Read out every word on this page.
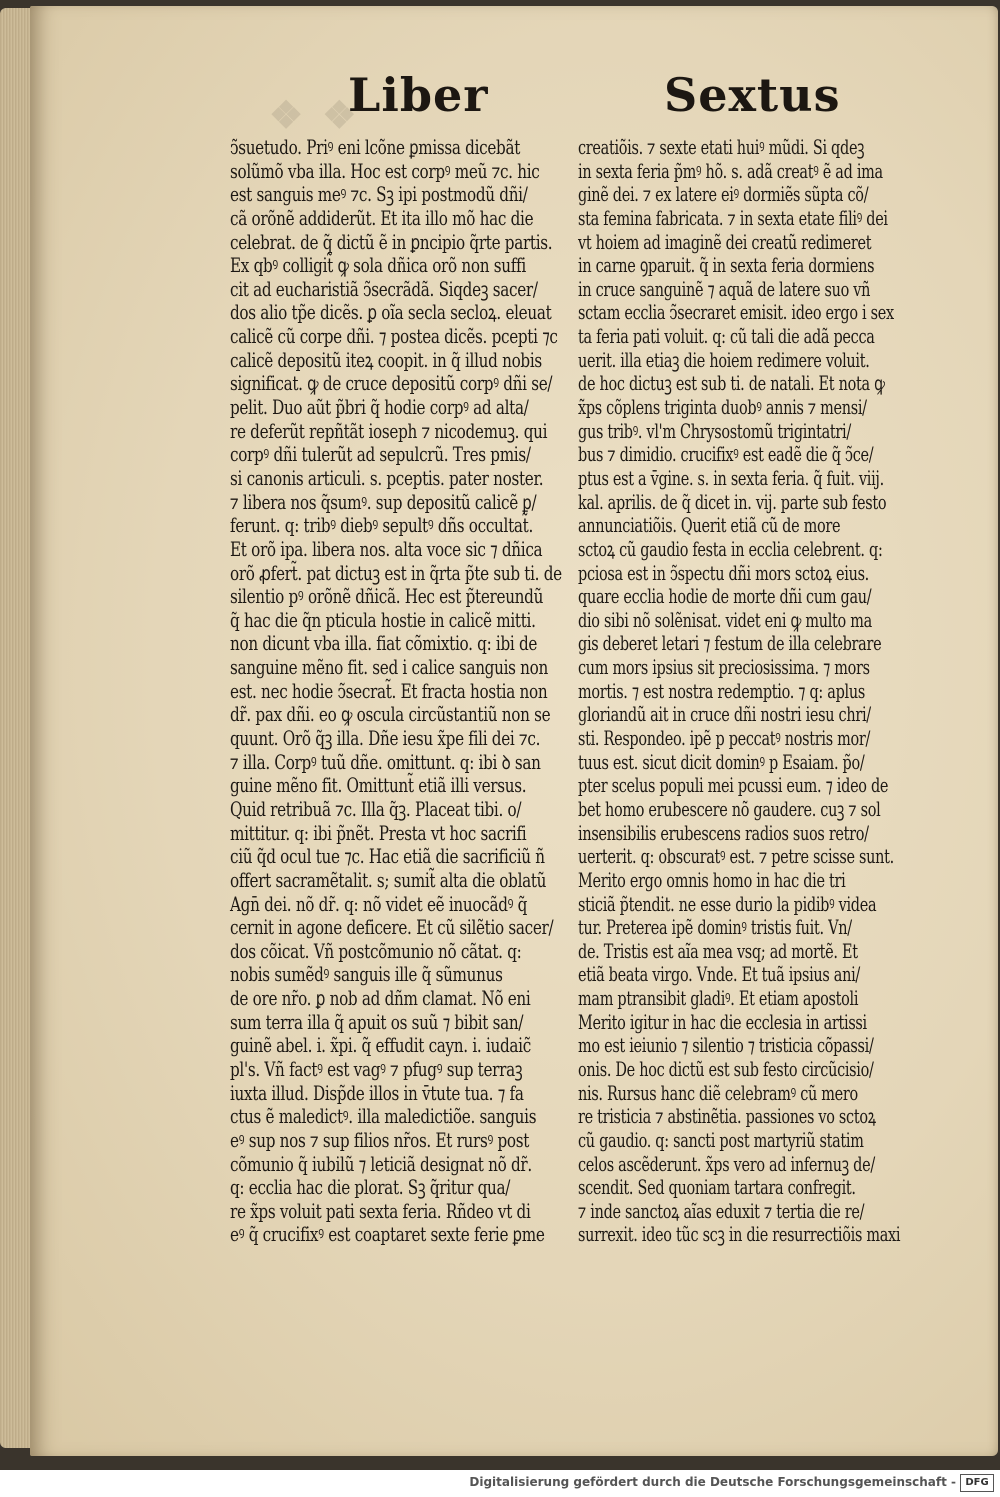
❖ ❖
Liber	Sextus
ↄ̃suetudo. Priꝰ eni lcõne ꝑmissa dicebãt
solũmõ vba illa. Hoc est corpꝰ meũ ⁊c. hic
est sanguis meꝰ ⁊c. Sꝫ ipi postmodũ dñi/
cã orõnẽ addiderũt. Et ita illo mõ hac die
celebrat. de q̃ dictũ ẽ in ꝑncipio q̃rte partis.
Ex qbꝰ colligit̃ ꝙ sola dñica orõ non suffi
cit ad eucharistiã ↄ̃secrãdã. Siqdeꝫ sacer/
dos alio tp̃e dicẽs. ꝑ oĩa secla secloꝝ. eleuat
calicẽ cũ corpe dñi. ⁊ postea dicẽs. pcepti ⁊c
calicẽ depositũ iteꝝ coopit. in q̃ illud nobis
significat. ꝙ de cruce depositũ corpꝰ dñi se/
pelit. Duo aũt p̃bri q̃ hodie corpꝰ ad alta/
re deferũt repñtãt ioseph ⁊ nicodemuꝫ. qui
corpꝰ dñi tulerũt ad sepulcrũ. Tres pmis/
si canonis articuli. s. pceptis. pater noster.
⁊ libera nos q̃sumꝰ. sup depositũ calicẽ ꝑ/
ferunt. q: tribꝰ diebꝰ sepultꝰ dñs occultat̃.
Et orõ ipa. libera nos. alta voce sic ⁊ dñica
orõ ꝓfert̃. pat dictuꝫ est in q̃rta p̃te sub ti. de
silentio pꝰ orõnẽ dñicã. Hec est p̃tereundũ
q̃ hac die q̃n pticula hostie in calicẽ mitti.
non dicunt vba illa. fiat cõmixtio. q: ibi de
sanguine mẽno fit. sed i calice sanguis non
est. nec hodie ↄ̃secrat̃. Et fracta hostia non
dr̃. pax dñi. eo ꝙ oscula circũstantiũ non se
quunt. Orõ q̃ꝫ illa. Dñe iesu x̃pe fili dei ⁊c.
⁊ illa. Corpꝰ tuũ dñe. omittunt. q: ibi ꝺ san
guine mẽno fit. Omittunt̃ etiã illi versus.
Quid retribuã ⁊c. Illa q̃ꝫ. Placeat tibi. o/
mittitur. q: ibi p̃nẽt. Presta vt hoc sacrifi
ciũ q̃d ocul tue ⁊c. Hac etiã die sacrificiũ ñ
offert sacramẽtalit. s; sumit̃ alta die oblatũ
Agn̄ dei. nõ dr̃. q: nõ videt eẽ inuocãdꝰ q̃
cernit in agone deficere. Et cũ silẽtio sacer/
dos cõicat. Vñ postcõmunio nõ cãtat. q:
nobis sumẽdꝰ sanguis ille q̃ sũmunus
de ore nr̃o. ꝑ nob ad dñm clamat. Nõ eni
sum terra illa q̃ apuit os suũ ⁊ bibit san/
guinẽ abel. i. x̃pi. q̃ effudit cayn. i. iudaic̃
pl's. Vñ factꝰ est vagꝰ ⁊ pfugꝰ sup terraꝫ
iuxta illud. Disp̃de illos in v̄tute tua. ⁊ fa
ctus ẽ maledictꝰ. illa maledictiõe. sanguis
eꝰ sup nos ⁊ sup filios nr̃os. Et rursꝰ post
cõmunio q̃ iubilũ ⁊ leticiã designat nõ dr̃.
q: ecclia hac die plorat. Sꝫ q̃ritur qua/
re x̃ps voluit pati sexta feria. Rñdeo vt di
eꝰ q̃ crucifixꝰ est coaptaret sexte ferie ꝑme
creatiõis. ⁊ sexte etati huiꝰ mũdi. Si qdeꝫ
in sexta feria p̃mꝰ hõ. s. adã creatꝰ ẽ ad ima
ginẽ dei. ⁊ ex latere eiꝰ dormiẽs sũpta cõ/
sta femina fabricata. ⁊ in sexta etate filiꝰ dei
vt hoiem ad imaginẽ dei creatũ redimeret
in carne ꝯparuit. q̃ in sexta feria dormiens
in cruce sanguinẽ ⁊ aquã de latere suo vñ
sctam ecclia ↄ̃secraret emisit. ideo ergo i sex
ta feria pati voluit. q: cũ tali die adã pecca
uerit. illa etiaꝫ die hoiem redimere voluit.
de hoc dictuꝫ est sub ti. de natali. Et nota ꝙ
x̃ps cõplens triginta duobꝰ annis ⁊ mensi/
gus tribꝰ. vl'm Chrysostomũ trigintatri/
bus ⁊ dimidio. crucifixꝰ est eadẽ die q̃ ↄ̃ce/
ptus est a v̄gine. s. in sexta feria. q̃ fuit. viij.
kal. aprilis. de q̃ dicet in. vij. parte sub festo
annunciatiõis. Querit etiã cũ de more
sctoꝝ cũ gaudio festa in ecclia celebrent. q:
pciosa est in ↄ̃spectu dñi mors sctoꝝ eius.
quare ecclia hodie de morte dñi cum gau/
dio sibi nõ solẽnisat. videt eni ꝙ multo ma
gis deberet letari ⁊ festum de illa celebrare
cum mors ipsius sit preciosissima. ⁊ mors
mortis. ⁊ est nostra redemptio. ⁊ q: aplus
gloriandũ ait in cruce dñi nostri iesu chri/
sti. Respondeo. ipẽ p peccatꝰ nostris mor/
tuus est. sicut dicit dominꝰ p Esaiam. p̃o/
pter scelus populi mei pcussi eum. ⁊ ideo de
bet homo erubescere nõ gaudere. cuꝫ ⁊ sol
insensibilis erubescens radios suos retro/
uerterit. q: obscuratꝰ est. ⁊ petre scisse sunt.
Merito ergo omnis homo in hac die tri
sticiã p̃tendit. ne esse durio la pidibꝰ videa
tur. Preterea ipẽ dominꝰ tristis fuit. Vn/
de. Tristis est aĩa mea vsq; ad mortẽ. Et
etiã beata virgo. Vnde. Et tuã ipsius ani/
mam ptransibit gladiꝰ. Et etiam apostoli
Merito igitur in hac die ecclesia in artissi
mo est ieiunio ⁊ silentio ⁊ tristicia cõpassi/
onis. De hoc dictũ est sub festo circũcisio/
nis. Rursus hanc diẽ celebramꝰ cũ mero
re tristicia ⁊ abstinẽtia. passiones vo sctoꝝ
cũ gaudio. q: sancti post martyriũ statim
celos ascẽderunt. x̃ps vero ad infernuꝫ de/
scendit. Sed quoniam tartara confregit.
⁊ inde sanctoꝝ aĩas eduxit ⁊ tertia die re/
surrexit. ideo tũc scꝫ in die resurrectiõis maxi
Digitalisierung gefördert durch die Deutsche Forschungsgemeinschaft - DFG
